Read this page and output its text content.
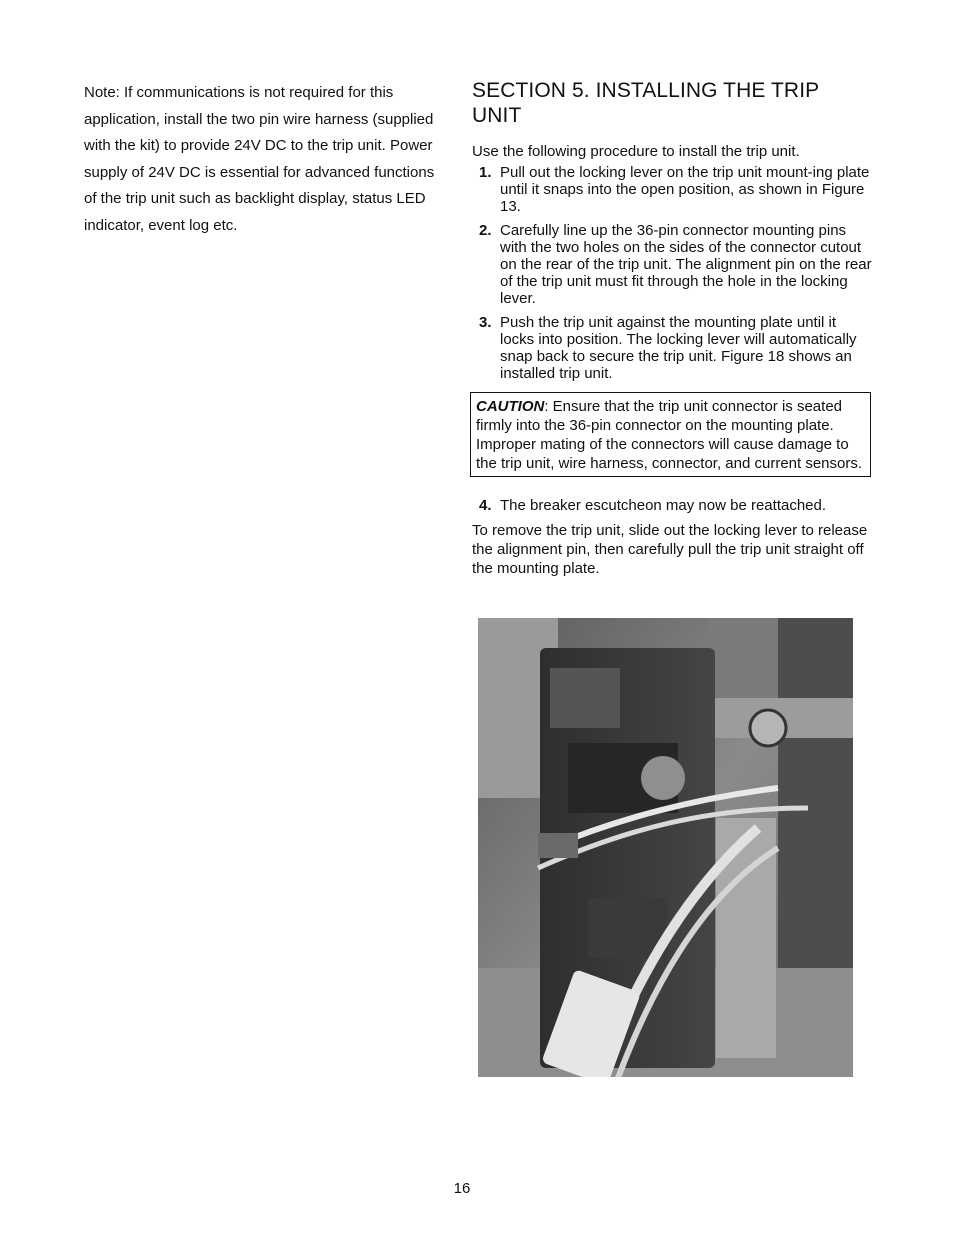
Note: If communications is not required for this application, install the two pin wire harness (supplied with the kit) to provide 24V DC to the trip unit. Power supply of 24V DC is essential for advanced functions of the trip unit such as backlight display, status LED indicator, event log etc.

SECTION 5. INSTALLING THE TRIP UNIT

Use the following procedure to install the trip unit.

1. Pull out the locking lever on the trip unit mount-ing plate until it snaps into the open position, as shown in Figure 13.
2. Carefully line up the 36-pin connector mounting pins with the two holes on the sides of the connector cutout on the rear of the trip unit. The alignment pin on the rear of the trip unit must fit through the hole in the locking lever.
3. Push the trip unit against the mounting plate until it locks into position. The locking lever will automatically snap back to secure the trip unit. Figure 18 shows an installed trip unit.
CAUTION: Ensure that the trip unit connector is seated firmly into the 36-pin connector on the mounting plate. Improper mating of the connectors will cause damage to the trip unit, wire harness, connector, and current sensors.
4. The breaker escutcheon may now be reattached.

To remove the trip unit, slide out the locking lever to release the alignment pin, then carefully pull the trip unit straight off the mounting plate.

16
